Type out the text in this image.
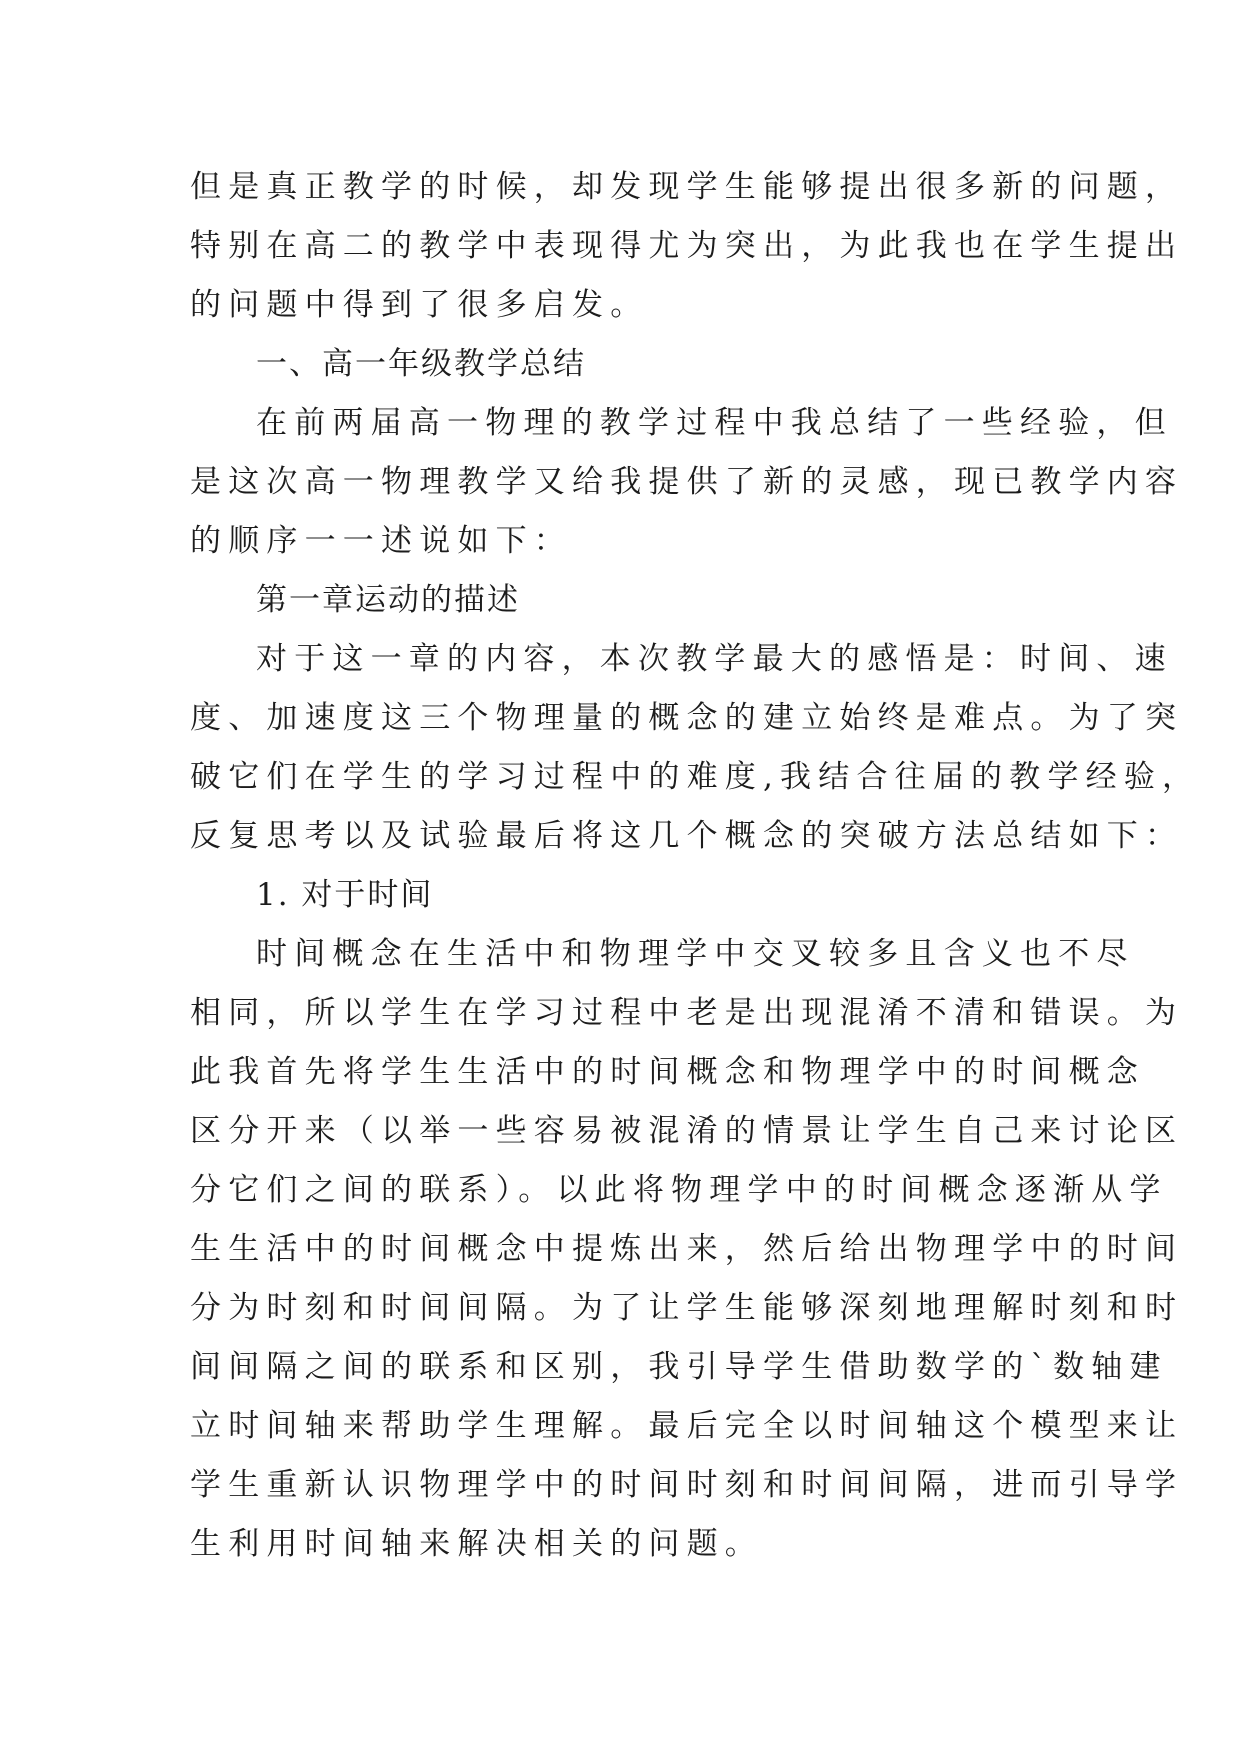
但是真正教学的时候，却发现学生能够提出很多新的问题，
特别在高二的教学中表现得尤为突出，为此我也在学生提出
的问题中得到了很多启发。
一、高一年级教学总结
在前两届高一物理的教学过程中我总结了一些经验，但
是这次高一物理教学又给我提供了新的灵感，现已教学内容
的顺序一一述说如下：
第一章运动的描述
对于这一章的内容，本次教学最大的感悟是：时间、速
度、加速度这三个物理量的概念的建立始终是难点。为了突
破它们在学生的学习过程中的难度,我结合往届的教学经验，
反复思考以及试验最后将这几个概念的突破方法总结如下：
1. 对于时间
时间概念在生活中和物理学中交叉较多且含义也不尽
相同，所以学生在学习过程中老是出现混淆不清和错误。为
此我首先将学生生活中的时间概念和物理学中的时间概念
区分开来（以举一些容易被混淆的情景让学生自己来讨论区
分它们之间的联系）。以此将物理学中的时间概念逐渐从学
生生活中的时间概念中提炼出来，然后给出物理学中的时间
分为时刻和时间间隔。为了让学生能够深刻地理解时刻和时
间间隔之间的联系和区别，我引导学生借助数学的`数轴建
立时间轴来帮助学生理解。最后完全以时间轴这个模型来让
学生重新认识物理学中的时间时刻和时间间隔，进而引导学
生利用时间轴来解决相关的问题。
